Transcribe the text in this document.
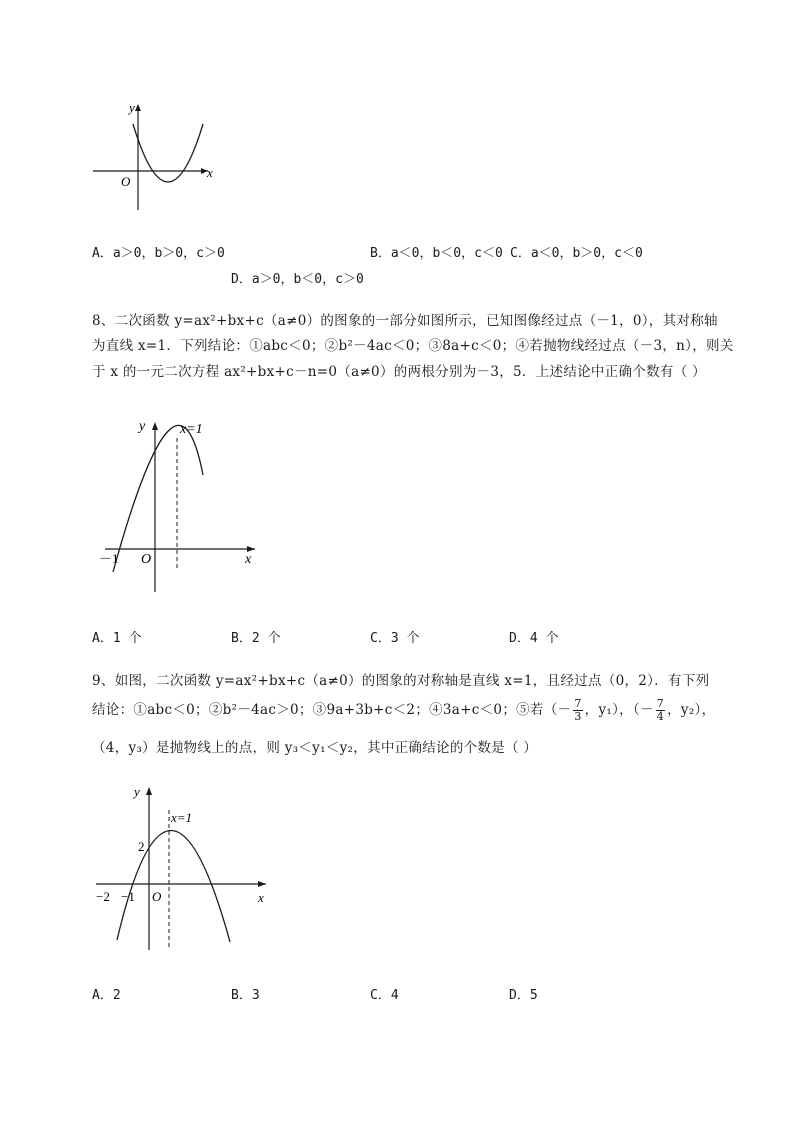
y
x
O
A．a＞0，b＞0，c＞0	B．a＜0，b＜0，c＜0 C．a＜0，b＞0，c＜0
D．a＞0，b＜0，c＞0
8、二次函数 y=ax²+bx+c（a≠0）的图象的一部分如图所示，已知图像经过点（－1，0），其对称轴
为直线 x=1．下列结论：①abc＜0；②b²－4ac＜0；③8a+c＜0；④若抛物线经过点（－3，n），则关
于 x 的一元二次方程 ax²+bx+c－n=0（a≠0）的两根分别为－3，5．上述结论中正确个数有（ ）
y x=1
x
O
－1
A．1 个	B．2 个	C．3 个	D．4 个
9、如图，二次函数 y=ax²+bx+c（a≠0）的图象的对称轴是直线 x=1，且经过点（0，2）．有下列
结论：①abc＜0；②b²－4ac＞0；③9a+3b+c＜2；④3a+c＜0；⑤若（－ $\frac{7}{3}$ ，y₁），（－ $\frac{7}{4}$ ，y₂），
（4，y₃）是抛物线上的点，则 y₃＜y₁＜y₂，其中正确结论的个数是（ ）
y
x=1
2
x
O
−2 −1
A．2	B．3	C．4	D．5
